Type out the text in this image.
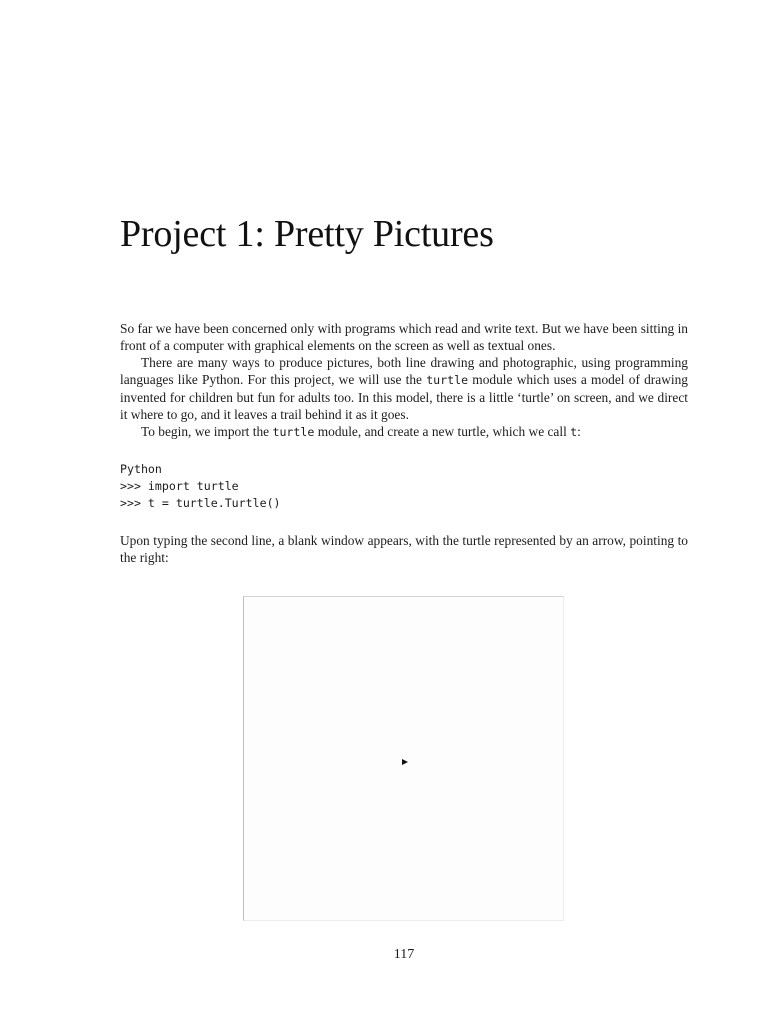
Project 1: Pretty Pictures

So far we have been concerned only with programs which read and write text. But we have been sitting in front of a computer with graphical elements on the screen as well as textual ones.

There are many ways to produce pictures, both line drawing and photographic, using programming languages like Python. For this project, we will use the turtle module which uses a model of drawing invented for children but fun for adults too. In this model, there is a little ‘turtle’ on screen, and we direct it where to go, and it leaves a trail behind it as it goes.

To begin, we import the turtle module, and create a new turtle, which we call t:

Python
>>> import turtle
>>> t = turtle.Turtle()

Upon typing the second line, a blank window appears, with the turtle represented by an arrow, pointing to the right:

117
